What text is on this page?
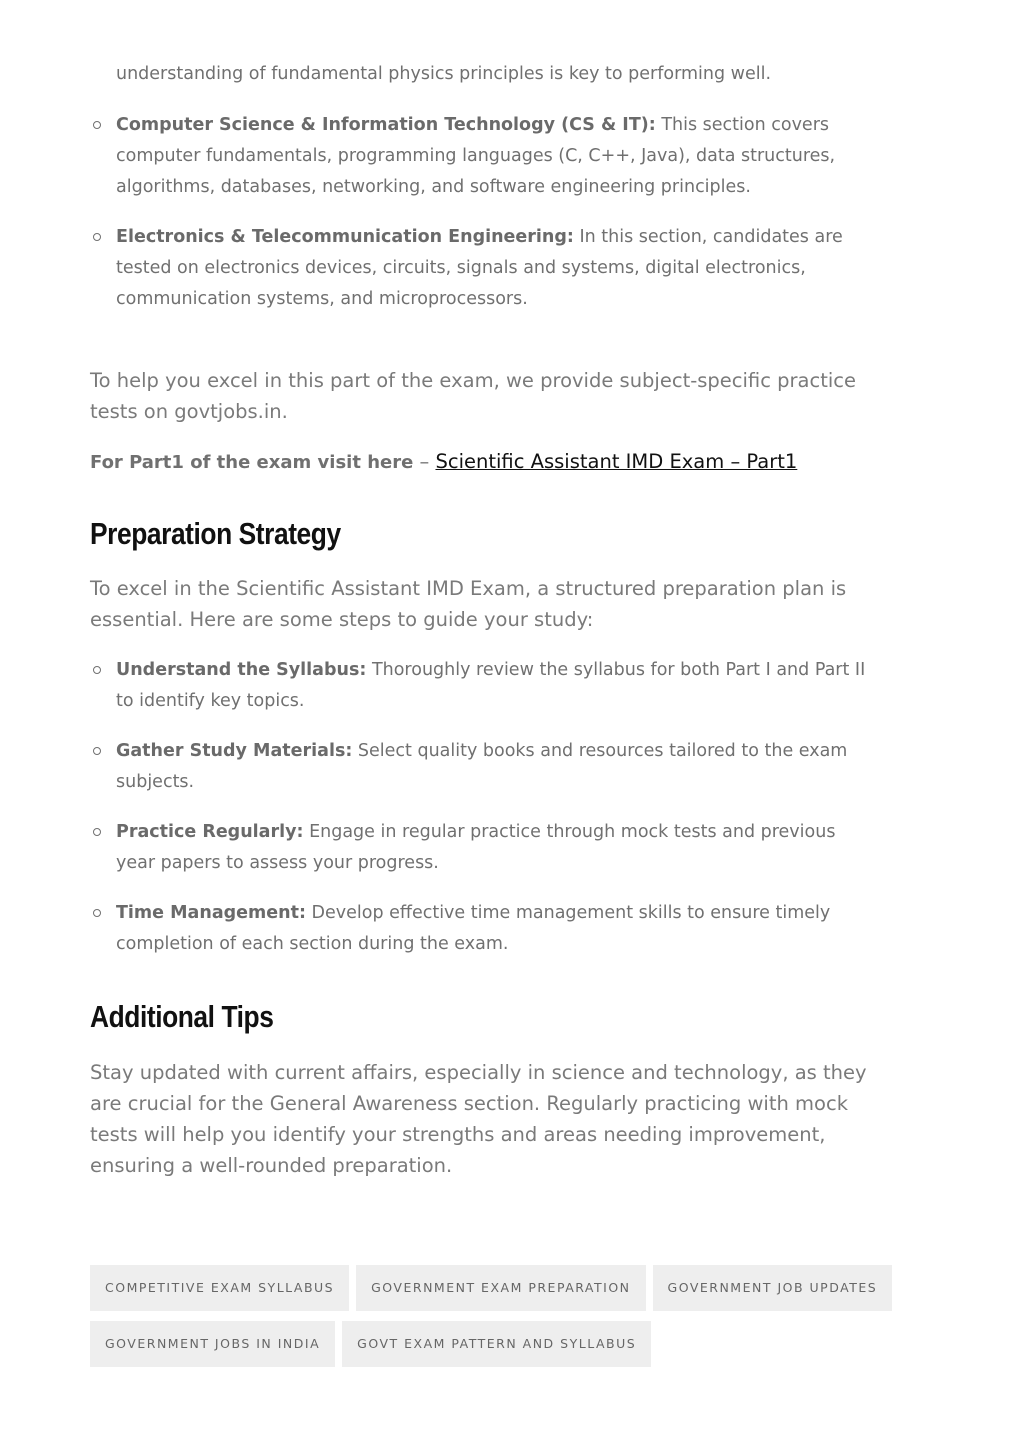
understanding of fundamental physics principles is key to performing well.
Computer Science & Information Technology (CS & IT): This section covers computer fundamentals, programming languages (C, C++, Java), data structures, algorithms, databases, networking, and software engineering principles.
Electronics & Telecommunication Engineering: In this section, candidates are tested on electronics devices, circuits, signals and systems, digital electronics, communication systems, and microprocessors.

To help you excel in this part of the exam, we provide subject-specific practice tests on govtjobs.in.

For Part1 of the exam visit here – Scientific Assistant IMD Exam – Part1

Preparation Strategy

To excel in the Scientific Assistant IMD Exam, a structured preparation plan is essential. Here are some steps to guide your study:

Understand the Syllabus: Thoroughly review the syllabus for both Part I and Part II to identify key topics.
Gather Study Materials: Select quality books and resources tailored to the exam subjects.
Practice Regularly: Engage in regular practice through mock tests and previous year papers to assess your progress.
Time Management: Develop effective time management skills to ensure timely completion of each section during the exam.
Additional Tips

Stay updated with current affairs, especially in science and technology, as they are crucial for the General Awareness section. Regularly practicing with mock tests will help you identify your strengths and areas needing improvement, ensuring a well-rounded preparation.

COMPETITIVE EXAM SYLLABUS	GOVERNMENT EXAM PREPARATION	GOVERNMENT JOB UPDATES
GOVERNMENT JOBS IN INDIA	GOVT EXAM PATTERN AND SYLLABUS
